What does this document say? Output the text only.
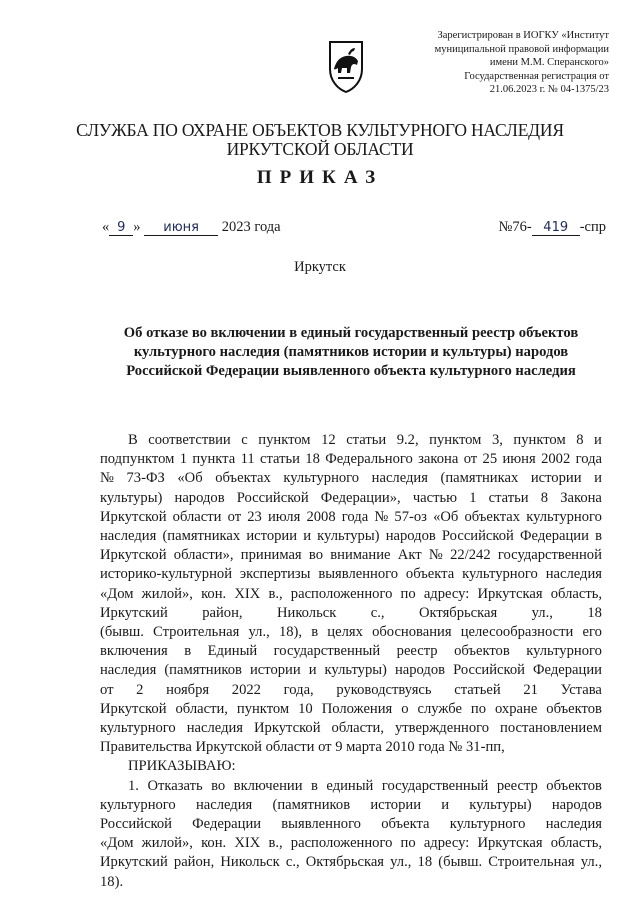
Зарегистрирован в ИОГКУ «Институт
муниципальной правовой информации
имени М.М. Сперанского»
Государственная регистрация от
21.06.2023 г. № 04-1375/23
СЛУЖБА ПО ОХРАНЕ ОБЪЕКТОВ КУЛЬТУРНОГО НАСЛЕДИЯ
ИРКУТСКОЙ ОБЛАСТИ
ПРИКАЗ
« 9 » июня 2023 года	№76- 419 -спр
Иркутск
Об отказе во включении в единый государственный реестр объектов
культурного наследия (памятников истории и культуры) народов
Российской Федерации выявленного объекта культурного наследия

В соответствии с пунктом 12 статьи 9.2, пунктом 3, пунктом 8 и
подпунктом 1 пункта 11 статьи 18 Федерального закона от 25 июня 2002 года
№ 73-ФЗ «Об объектах культурного наследия (памятниках истории и
культуры) народов Российской Федерации», частью 1 статьи 8 Закона
Иркутской области от 23 июля 2008 года № 57-оз «Об объектах культурного
наследия (памятниках истории и культуры) народов Российской Федерации в
Иркутской области», принимая во внимание Акт № 22/242 государственной
историко-культурной экспертизы выявленного объекта культурного наследия
«Дом жилой», кон. XIX в., расположенного по адресу: Иркутская область,
Иркутский район, Никольск с., Октябрьская ул., 18
(бывш. Строительная ул., 18), в целях обоснования целесообразности его
включения в Единый государственный реестр объектов культурного
наследия (памятников истории и культуры) народов Российской Федерации
от 2 ноября 2022 года, руководствуясь статьей 21 Устава
Иркутской области, пунктом 10 Положения о службе по охране объектов
культурного наследия Иркутской области, утвержденного постановлением
Правительства Иркутской области от 9 марта 2010 года № 31-пп,

ПРИКАЗЫВАЮ:

1. Отказать во включении в единый государственный реестр объектов
культурного наследия (памятников истории и культуры) народов
Российской Федерации выявленного объекта культурного наследия
«Дом жилой», кон. XIX в., расположенного по адресу: Иркутская область,
Иркутский район, Никольск с., Октябрьская ул., 18 (бывш. Строительная ул.,
18).
